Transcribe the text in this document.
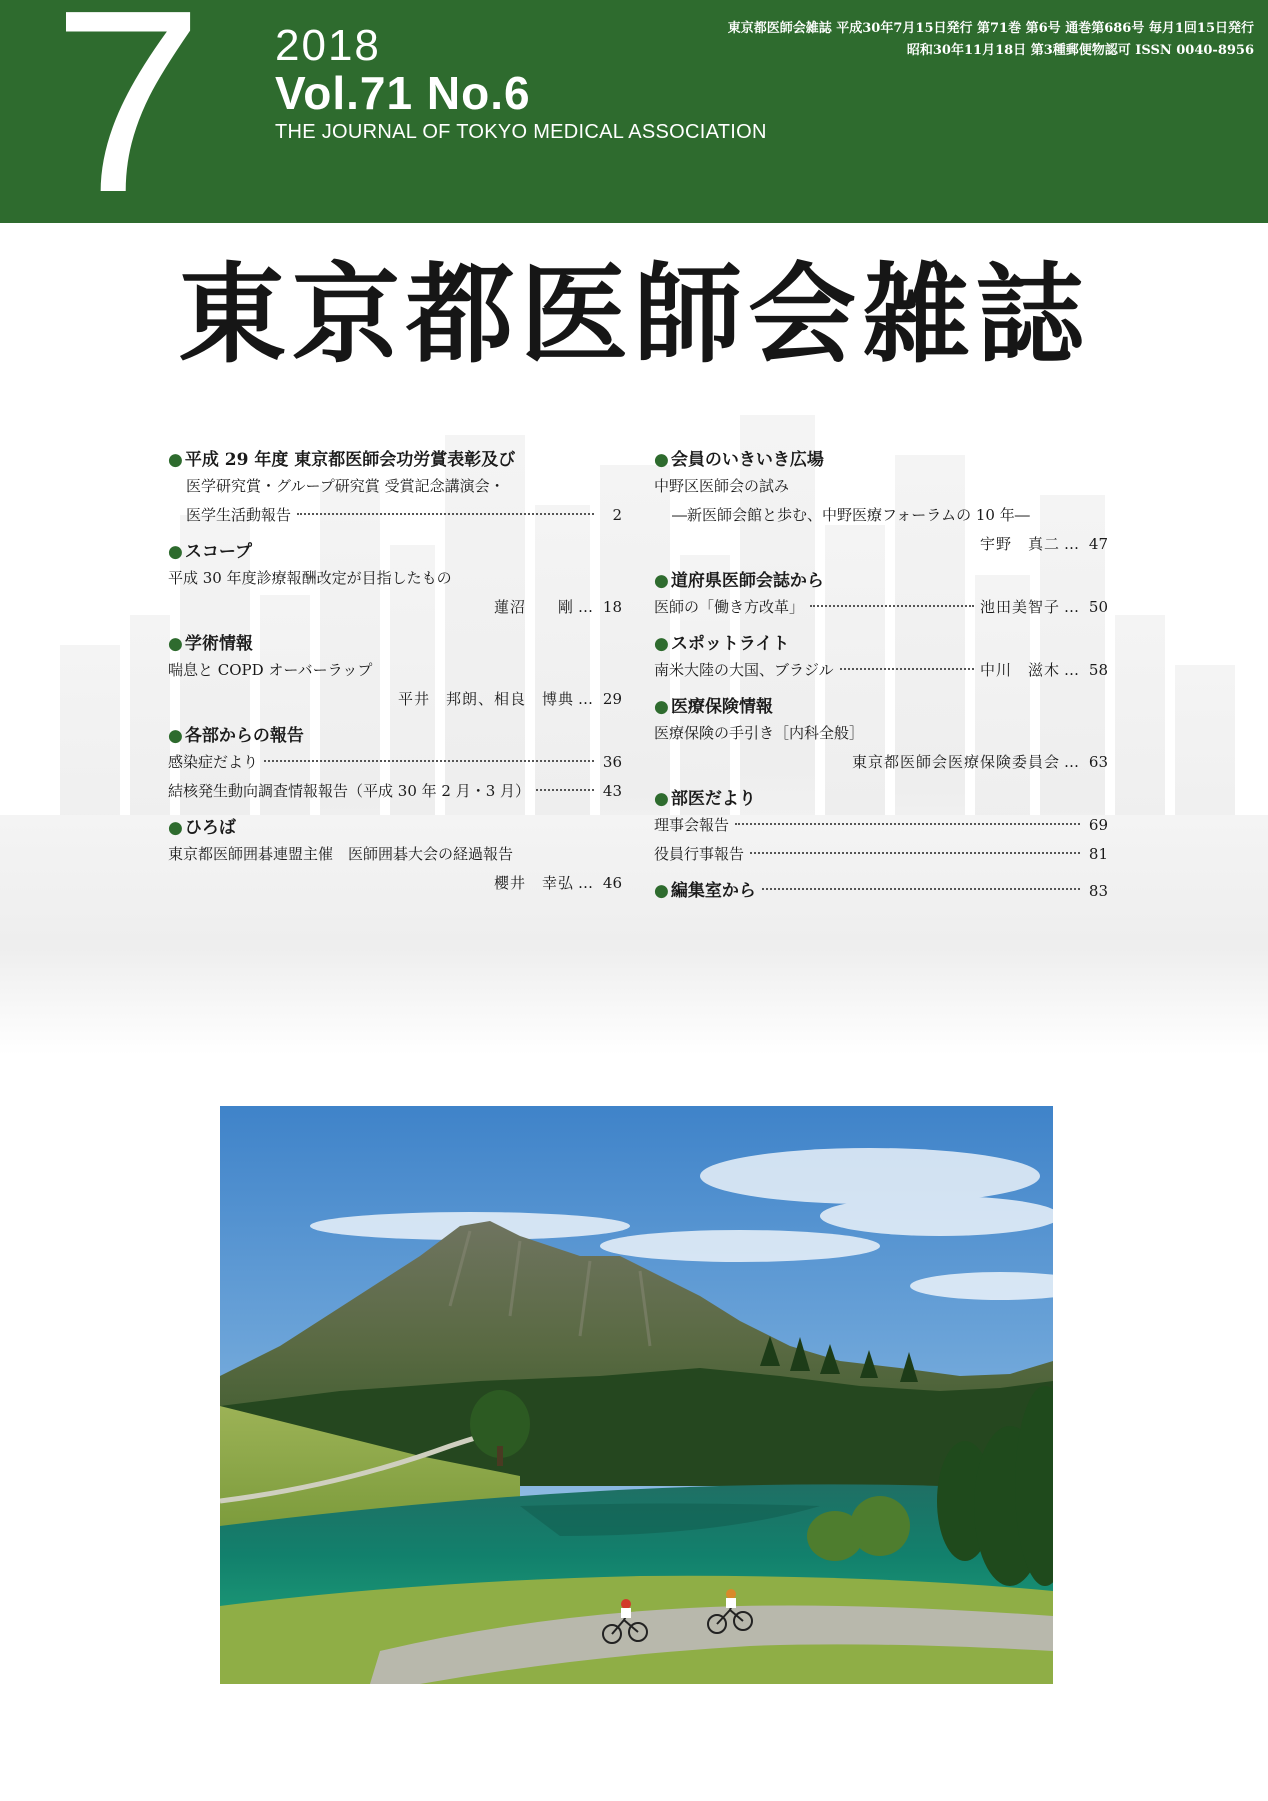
7 2018
Vol.71 No.6
THE JOURNAL OF TOKYO MEDICAL ASSOCIATION
東京都医師会雑誌 平成30年7月15日発行 第71巻 第6号 通巻第686号 毎月1回15日発行
昭和30年11月18日 第3種郵便物認可 ISSN 0040-8956
東京都医師会雑誌
● 平成 29 年度 東京都医師会功労賞表彰及び
医学研究賞・グループ研究賞 受賞記念講演会・
医学生活動報告	2
● スコープ
平成 30 年度診療報酬改定が目指したもの
蓮沼　　剛 … 18
● 学術情報
喘息と COPD オーバーラップ
平井　邦朗、相良　博典 … 29
● 各部からの報告
感染症だより	36
結核発生動向調査情報報告（平成 30 年 2 月・3 月）	43
● ひろば
東京都医師囲碁連盟主催　医師囲碁大会の経過報告
櫻井　幸弘 … 46
● 会員のいきいき広場
中野区医師会の試み
―新医師会館と歩む、中野医療フォーラムの 10 年―
宇野　真二 … 47
● 道府県医師会誌から
医師の「働き方改革」	池田美智子 … 50
● スポットライト
南米大陸の大国、ブラジル	中川　滋木 … 58
● 医療保険情報
医療保険の手引き［内科全般］
東京都医師会医療保険委員会 … 63
● 部医だより
理事会報告	69
役員行事報告	81
● 編集室から	83
